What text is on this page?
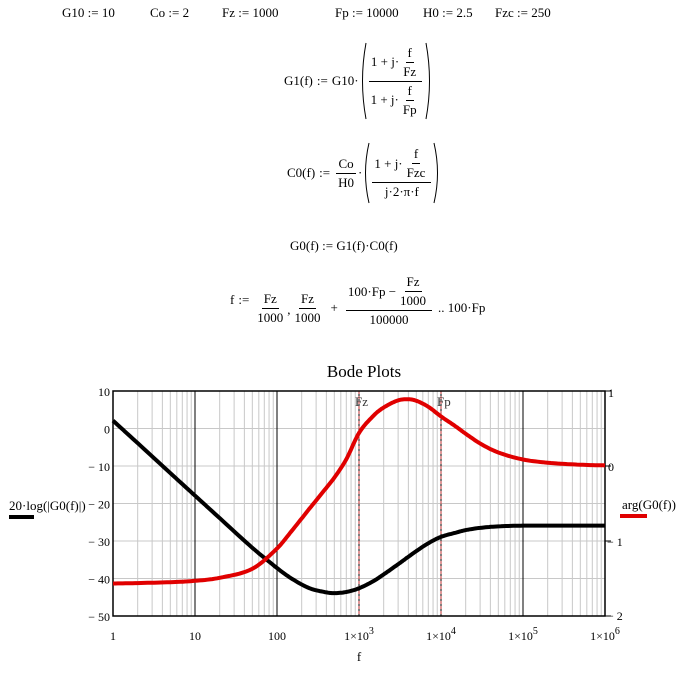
G10 := 10	Co := 2	Fz := 1000	Fp := 10000 H0 := 2.5 Fzc := 250
G1(f) := $G10\cdot \frac{1 + j\cdot \frac{f}{Fz}}{1 + j\cdot \frac{f}{Fp}}$
C0(f) := $\frac{Co}{H0} \cdot \frac{1 + j\cdot \frac{f}{\text{Fzc}}}{j\cdot 2\cdot\pi\cdot f}$
G0(f) := G1(f)·C0(f)
f := $\frac{Fz}{1000}$ , $\frac{Fz}{1000} + \frac{100\cdot Fp - \frac{Fz}{1000}}{100000}$ .. 100·Fp
Bode Plots
Fz	Fp
10
0
− 10
− 20
− 30
− 40
− 50
1
0
− 1
− 2
1	10	100	$1\times 10^3$	$1\times 10^4$	$1\times 10^5$	$1\times 10^6$
f
20·log(|G0(f)|)	arg(G0(f))
